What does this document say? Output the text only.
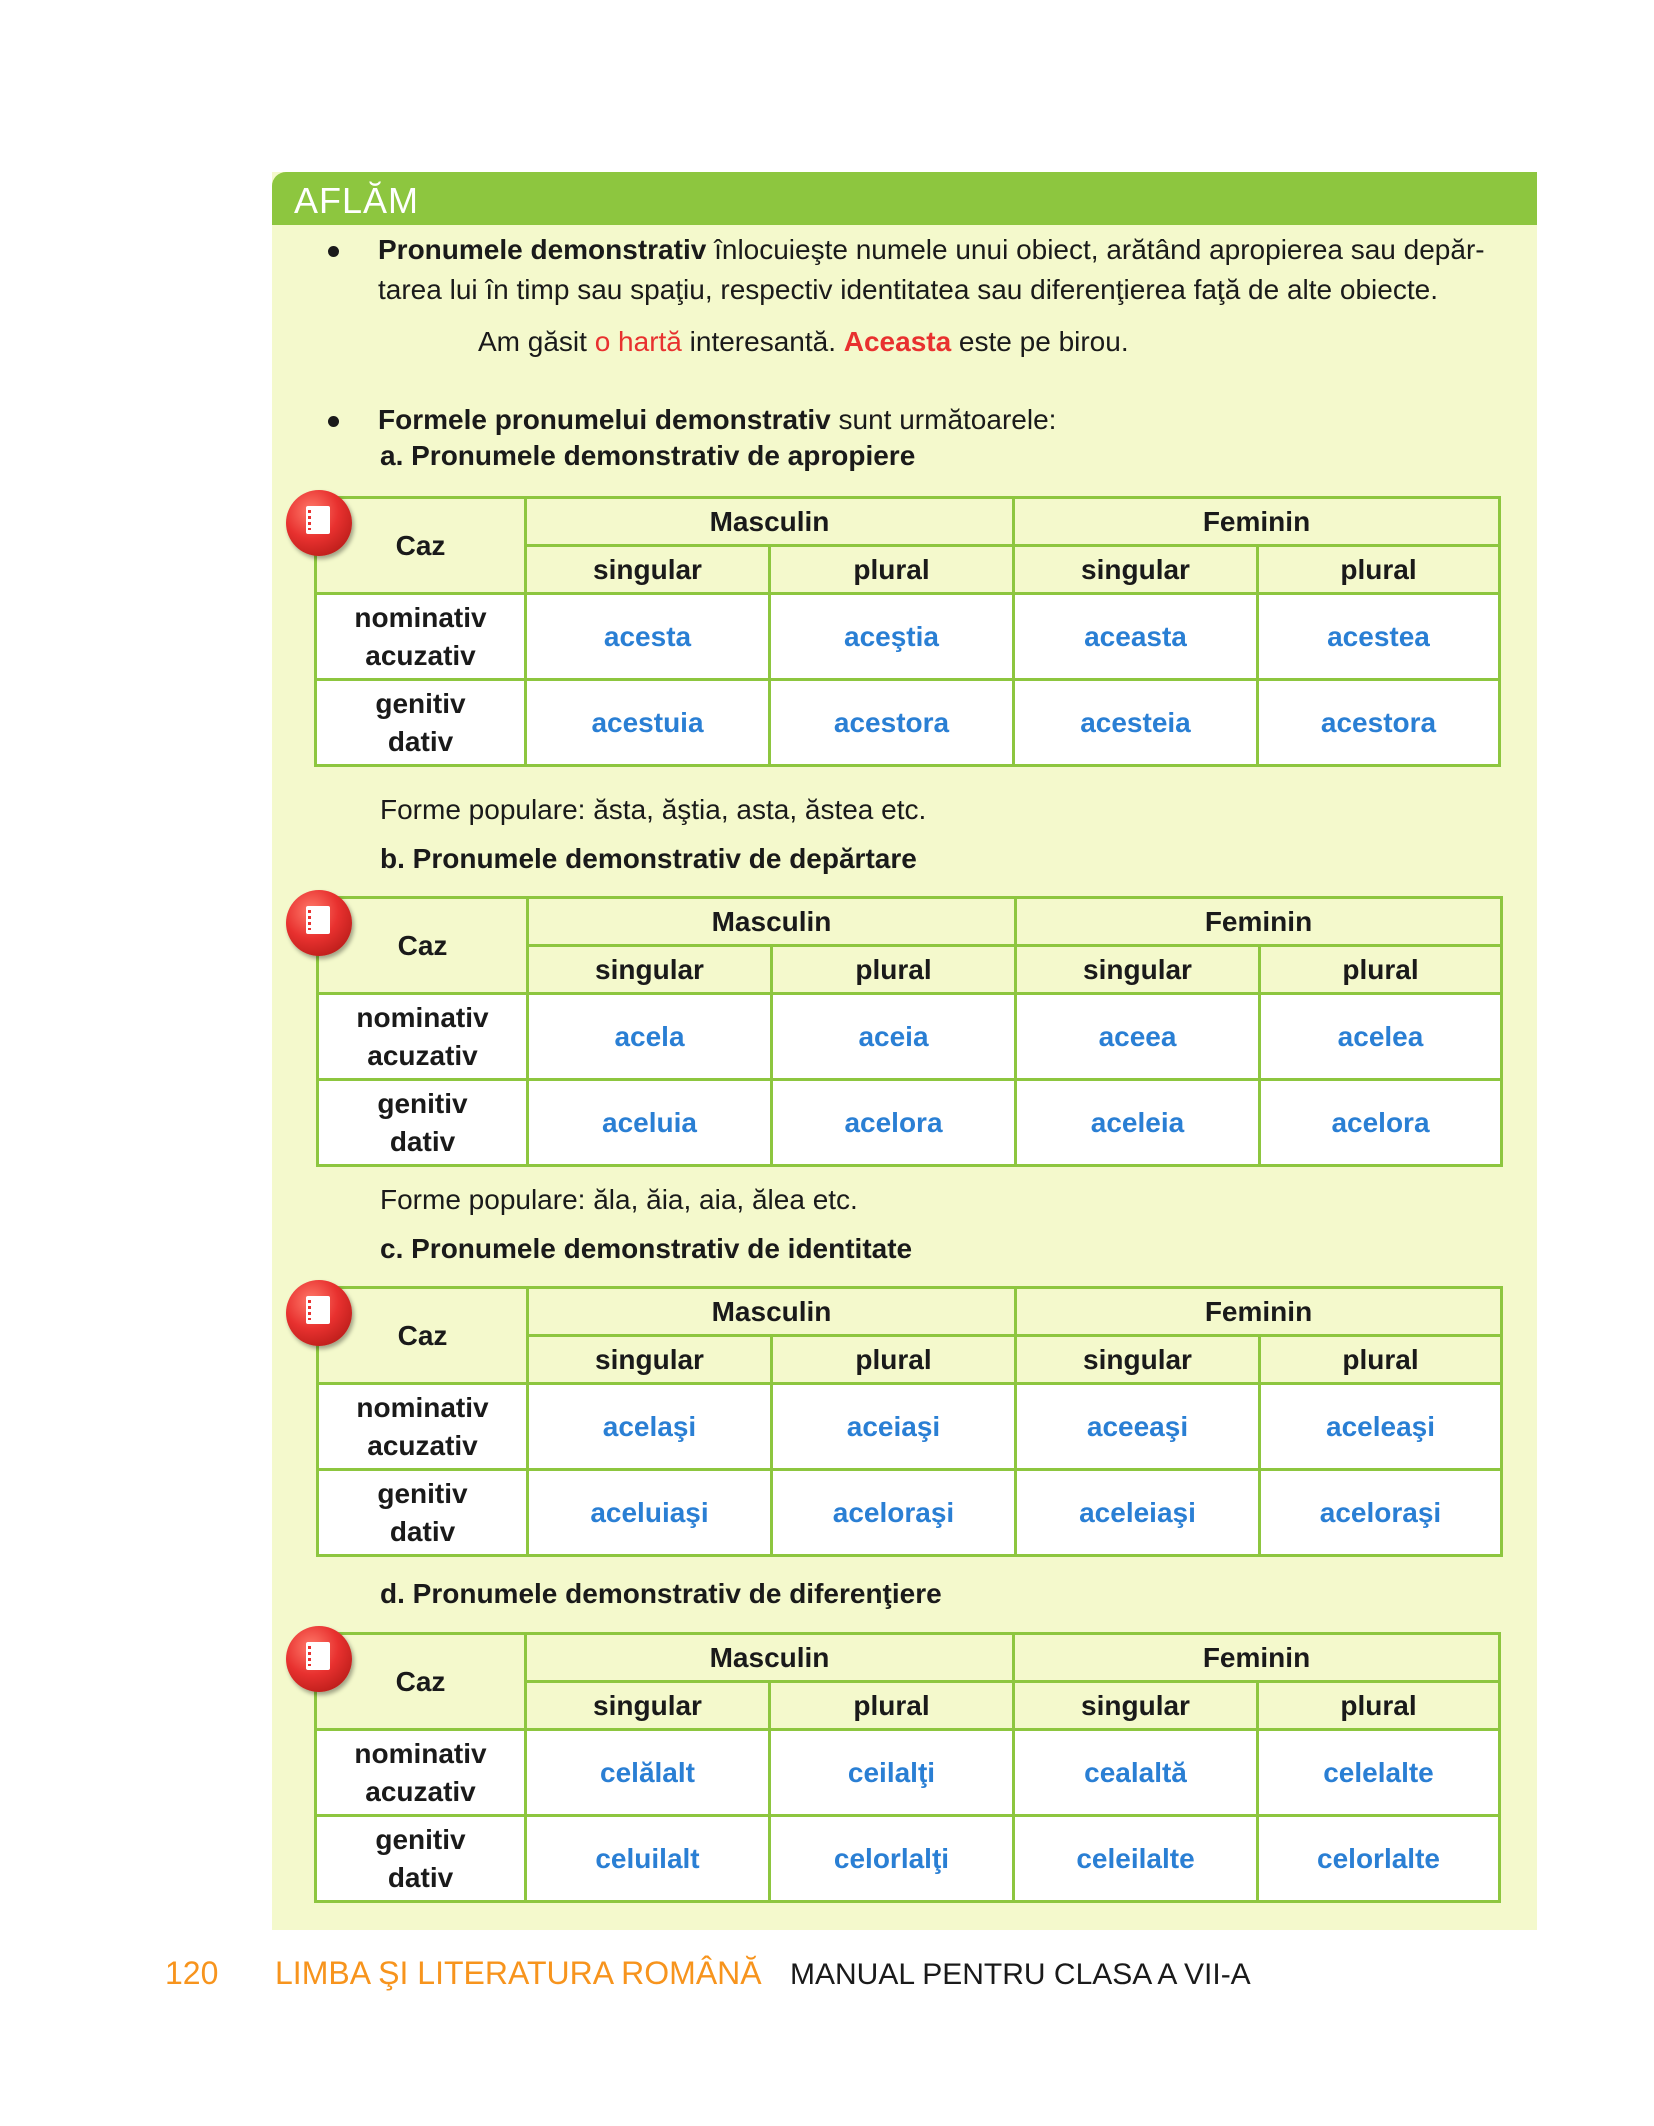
AFLĂM
Pronumele demonstrativ înlocuieşte numele unui obiect, arătând apropierea sau depăr-
tarea lui în timp sau spaţiu, respectiv identitatea sau diferenţierea faţă de alte obiecte.
Am găsit o hartă interesantă. Aceasta este pe birou.
Formele pronumelui demonstrativ sunt următoarele:
a. Pronumele demonstrativ de apropiere
Caz	Masculin		Feminin	
	singular	plural	singular	plural

nominativ
acuzativ	acesta	aceştia	aceasta	acestea

genitiv
dativ	acestuia	acestora	acesteia	acestora
Forme populare: ăsta, ăştia, asta, ăstea etc.
b. Pronumele demonstrativ de depărtare
Caz	Masculin		Feminin	
	singular	plural	singular	plural

nominativ
acuzativ	acela	aceia	aceea	acelea

genitiv
dativ	aceluia	acelora	aceleia	acelora
Forme populare: ăla, ăia, aia, ălea etc.
c. Pronumele demonstrativ de identitate
Caz	Masculin		Feminin	
	singular	plural	singular	plural

nominativ
acuzativ	acelaşi	aceiaşi	aceeaşi	aceleaşi

genitiv
dativ	aceluiaşi	aceloraşi	aceleiaşi	aceloraşi
d. Pronumele demonstrativ de diferenţiere
Caz	Masculin		Feminin	
	singular	plural	singular	plural

nominativ
acuzativ	celălalt	ceilalţi	cealaltă	celelalte

genitiv
dativ	celuilalt	celorlalţi	celeilalte	celorlalte
120 LIMBA ŞI LITERATURA ROMÂNĂ MANUAL PENTRU CLASA A VII-A
